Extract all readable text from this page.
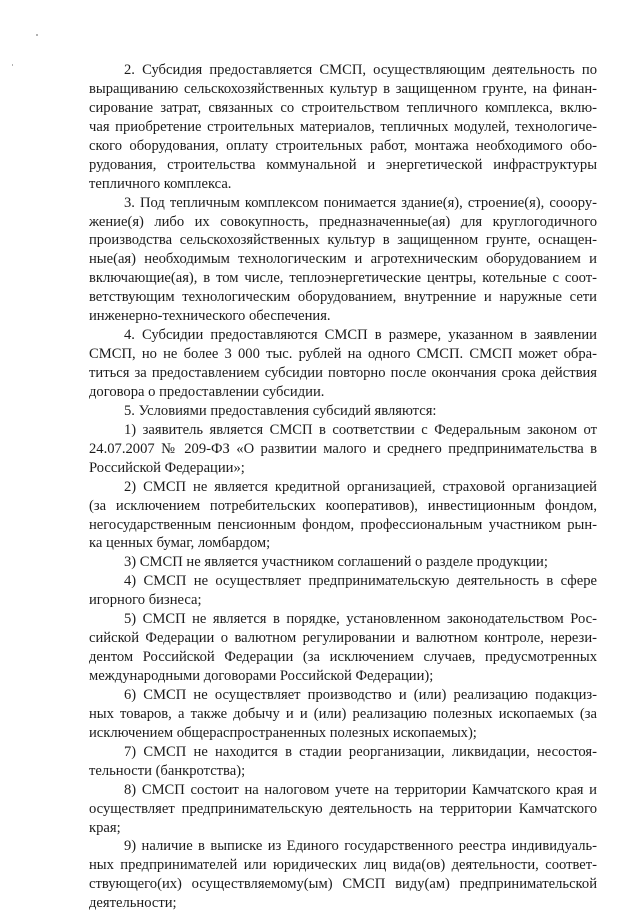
2. Субсидия предоставляется СМСП, осуществляющим деятельность по
выращиванию сельскохозяйственных культур в защищенном грунте, на финан-
сирование затрат, связанных со строительством тепличного комплекса, вклю-
чая приобретение строительных материалов, тепличных модулей, технологиче-
ского оборудования, оплату строительных работ, монтажа необходимого обо-
рудования, строительства коммунальной и энергетической инфраструктуры
тепличного комплекса.
3. Под тепличным комплексом понимается здание(я), строение(я), сооору-
жение(я) либо их совокупность, предназначенные(ая) для круглогодичного
производства сельскохозяйственных культур в защищенном грунте, оснащен-
ные(ая) необходимым технологическим и агротехническим оборудованием и
включающие(ая), в том числе, теплоэнергетические центры, котельные с соот-
ветствующим технологическим оборудованием, внутренние и наружные сети
инженерно-технического обеспечения.
4. Субсидии предоставляются СМСП в размере, указанном в заявлении
СМСП, но не более 3 000 тыс. рублей на одного СМСП. СМСП может обра-
титься за предоставлением субсидии повторно после окончания срока действия
договора о предоставлении субсидии.
5. Условиями предоставления субсидий являются:
1) заявитель является СМСП в соответствии с Федеральным законом от
24.07.2007 № 209-ФЗ «О развитии малого и среднего предпринимательства в
Российской Федерации»;
2) СМСП не является кредитной организацией, страховой организацией
(за исключением потребительских кооперативов), инвестиционным фондом,
негосударственным пенсионным фондом, профессиональным участником рын-
ка ценных бумаг, ломбардом;
3) СМСП не является участником соглашений о разделе продукции;
4) СМСП не осуществляет предпринимательскую деятельность в сфере
игорного бизнеса;
5) СМСП не является в порядке, установленном законодательством Рос-
сийской Федерации о валютном регулировании и валютном контроле, нерези-
дентом Российской Федерации (за исключением случаев, предусмотренных
международными договорами Российской Федерации);
6) СМСП не осуществляет производство и (или) реализацию подакциз-
ных товаров, а также добычу и и (или) реализацию полезных ископаемых (за
исключением общераспространенных полезных ископаемых);
7) СМСП не находится в стадии реорганизации, ликвидации, несостоя-
тельности (банкротства);
8) СМСП состоит на налоговом учете на территории Камчатского края и
осуществляет предпринимательскую деятельность на территории Камчатского
края;
9) наличие в выписке из Единого государственного реестра индивидуаль-
ных предпринимателей или юридических лиц вида(ов) деятельности, соответ-
ствующего(их) осуществляемому(ым) СМСП виду(ам) предпринимательской
деятельности;
